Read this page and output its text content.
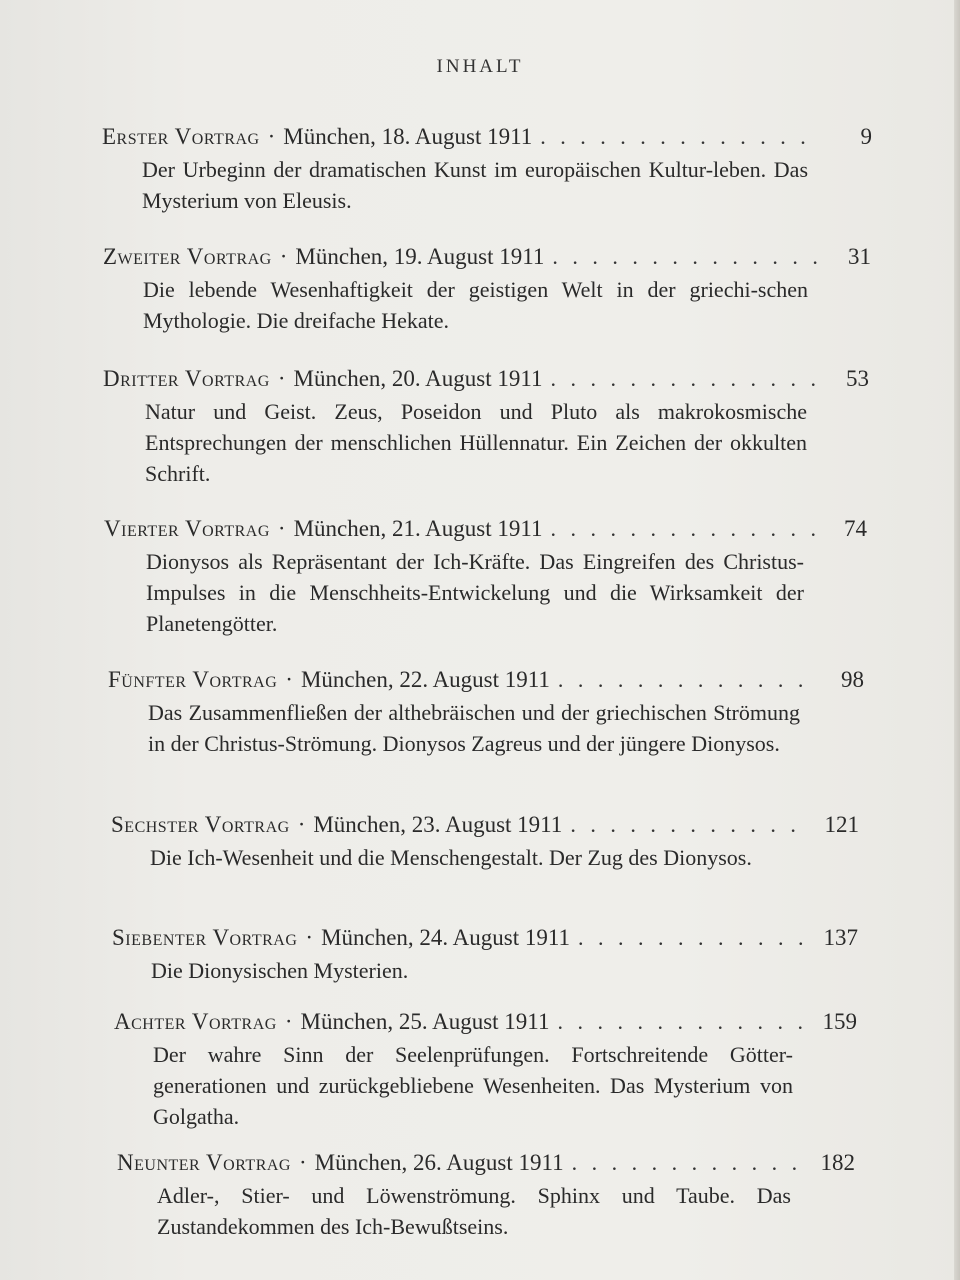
INHALT
Erster Vortrag · München, 18. August 1911 . . .	9
Der Urbeginn der dramatischen Kunst im europäischen Kultur-leben. Das Mysterium von Eleusis.
Zweiter Vortrag · München, 19. August 1911 . . .	31
Die lebende Wesenhaftigkeit der geistigen Welt in der griechi-schen Mythologie. Die dreifache Hekate.
Dritter Vortrag · München, 20. August 1911 . . .	53
Natur und Geist. Zeus, Poseidon und Pluto als makrokosmische Entsprechungen der menschlichen Hüllennatur. Ein Zeichen der okkulten Schrift.
Vierter Vortrag · München, 21. August 1911 . . .	74
Dionysos als Repräsentant der Ich-Kräfte. Das Eingreifen des Christus-Impulses in die Menschheits-Entwickelung und die Wirksamkeit der Planetengötter.
Fünfter Vortrag · München, 22. August 1911 . . .	98
Das Zusammenfließen der althebräischen und der griechischen Strömung in der Christus-Strömung. Dionysos Zagreus und der jüngere Dionysos.
Sechster Vortrag · München, 23. August 1911 . . .	121
Die Ich-Wesenheit und die Menschengestalt. Der Zug des Dionysos.
Siebenter Vortrag · München, 24. August 1911 . . .	137
Die Dionysischen Mysterien.
Achter Vortrag · München, 25. August 1911 . . .	159
Der wahre Sinn der Seelenprüfungen. Fortschreitende Götter-generationen und zurückgebliebene Wesenheiten. Das Mysterium von Golgatha.
Neunter Vortrag · München, 26. August 1911 . . .	182
Adler-, Stier- und Löwenströmung. Sphinx und Taube. Das Zustandekommen des Ich-Bewußtseins.
